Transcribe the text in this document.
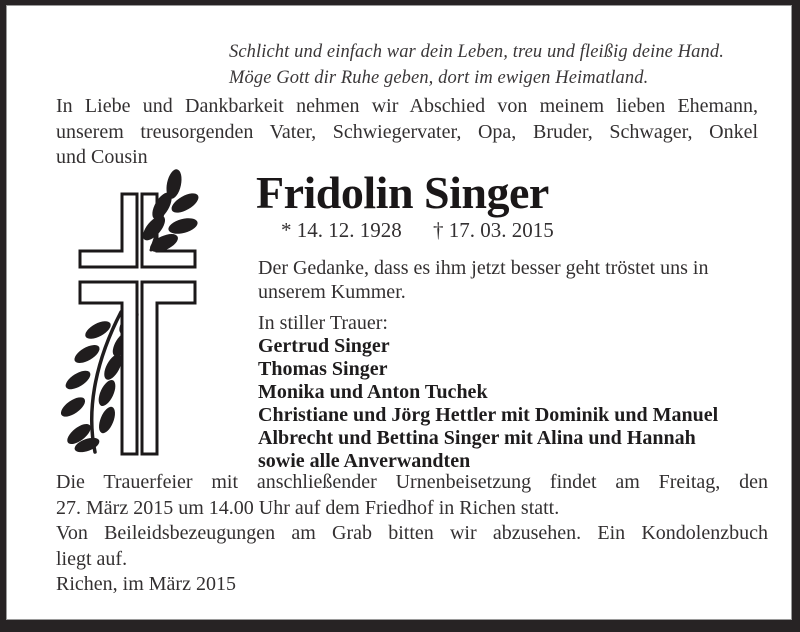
Schlicht und einfach war dein Leben, treu und fleißig deine Hand.
Möge Gott dir Ruhe geben, dort im ewigen Heimatland.
In Liebe und Dankbarkeit nehmen wir Abschied von meinem lieben Ehemann,
unserem treusorgenden Vater, Schwiegervater, Opa, Bruder, Schwager, Onkel
und Cousin
Fridolin Singer
* 14. 12. 1928 † 17. 03. 2015
Der Gedanke, dass es ihm jetzt besser geht tröstet uns in
unserem Kummer.
In stiller Trauer:
Gertrud Singer
Thomas Singer
Monika und Anton Tuchek
Christiane und Jörg Hettler mit Dominik und Manuel
Albrecht und Bettina Singer mit Alina und Hannah
sowie alle Anverwandten
Die Trauerfeier mit anschließender Urnenbeisetzung findet am Freitag, den
27. März 2015 um 14.00 Uhr auf dem Friedhof in Richen statt.
Von Beileidsbezeugungen am Grab bitten wir abzusehen. Ein Kondolenzbuch
liegt auf.
Richen, im März 2015
